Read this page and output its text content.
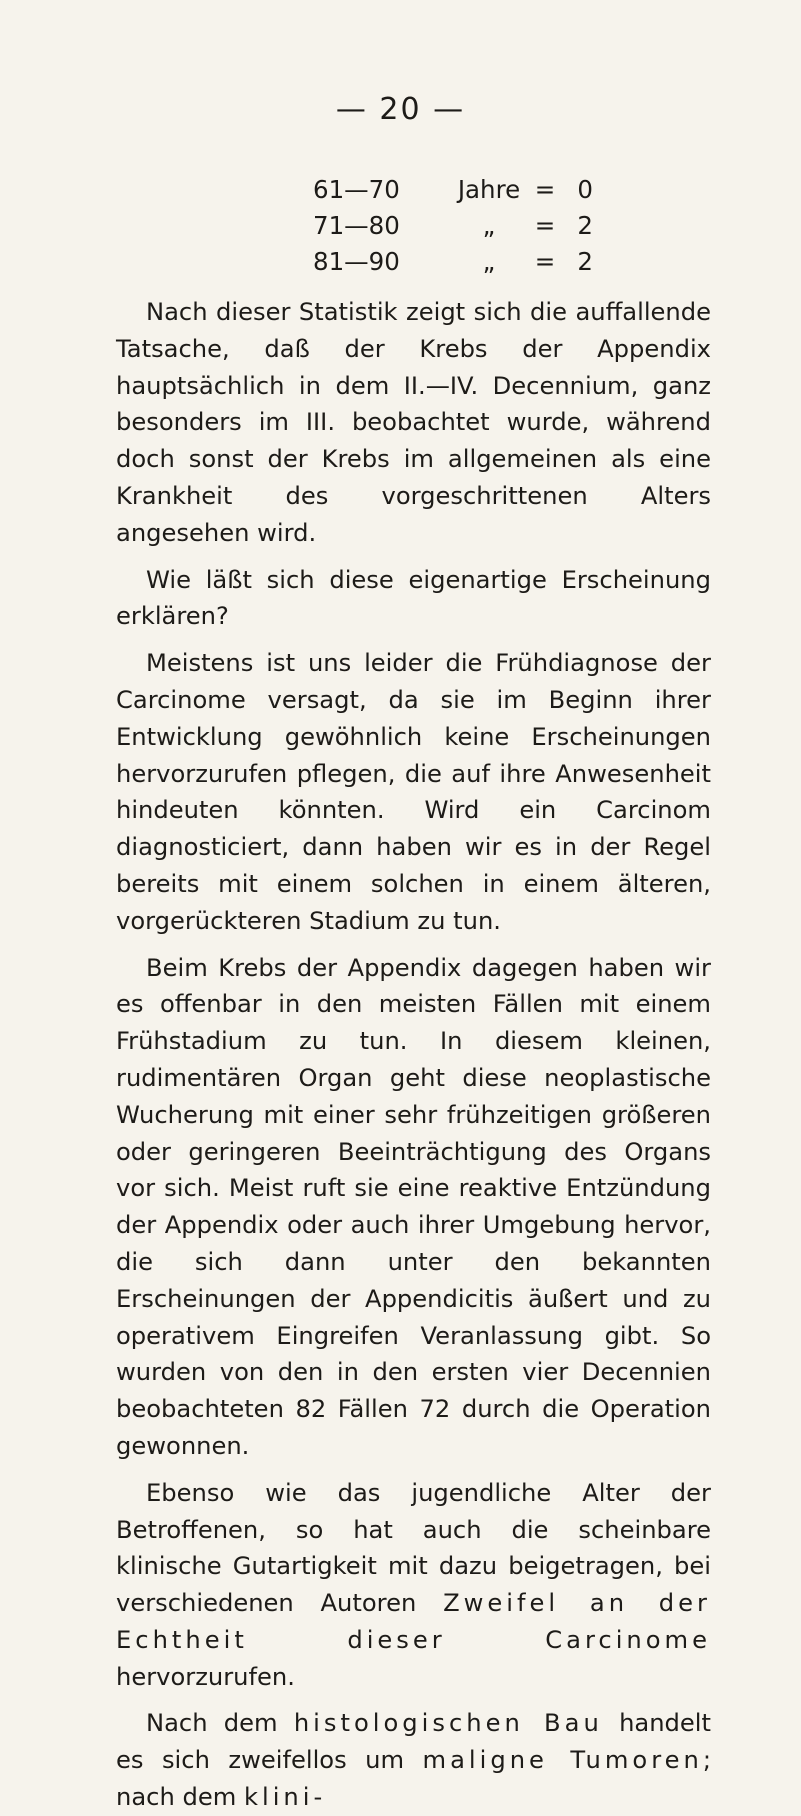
— 20 —
61—70	Jahre = 0
71—80	„	= 2
81—90	„	= 2

Nach dieser Statistik zeigt sich die auffallende Tatsache, daß der Krebs der Appendix hauptsächlich in dem II.—IV. Decennium, ganz besonders im III. beobachtet wurde, während doch sonst der Krebs im allgemeinen als eine Krankheit des vorgeschrittenen Alters angesehen wird.

Wie läßt sich diese eigenartige Erscheinung erklären?

Meistens ist uns leider die Frühdiagnose der Carcinome versagt, da sie im Beginn ihrer Entwicklung gewöhnlich keine Erscheinungen hervorzurufen pflegen, die auf ihre Anwesenheit hindeuten könnten. Wird ein Carcinom diagnosticiert, dann haben wir es in der Regel bereits mit einem solchen in einem älteren, vorgerückteren Stadium zu tun.

Beim Krebs der Appendix dagegen haben wir es offenbar in den meisten Fällen mit einem Frühstadium zu tun. In diesem kleinen, rudimentären Organ geht diese neoplastische Wucherung mit einer sehr frühzeitigen größeren oder geringeren Beeinträchtigung des Organs vor sich. Meist ruft sie eine reaktive Entzündung der Appendix oder auch ihrer Umgebung hervor, die sich dann unter den bekannten Erscheinungen der Appendicitis äußert und zu operativem Eingreifen Veranlassung gibt. So wurden von den in den ersten vier Decennien beobachteten 82 Fällen 72 durch die Operation gewonnen.

Ebenso wie das jugendliche Alter der Betroffenen, so hat auch die scheinbare klinische Gutartigkeit mit dazu beigetragen, bei verschiedenen Autoren Zweifel an der Echtheit dieser Carcinome hervorzurufen.

Nach dem histologischen Bau handelt es sich zweifellos um maligne Tumoren; nach dem klini-
